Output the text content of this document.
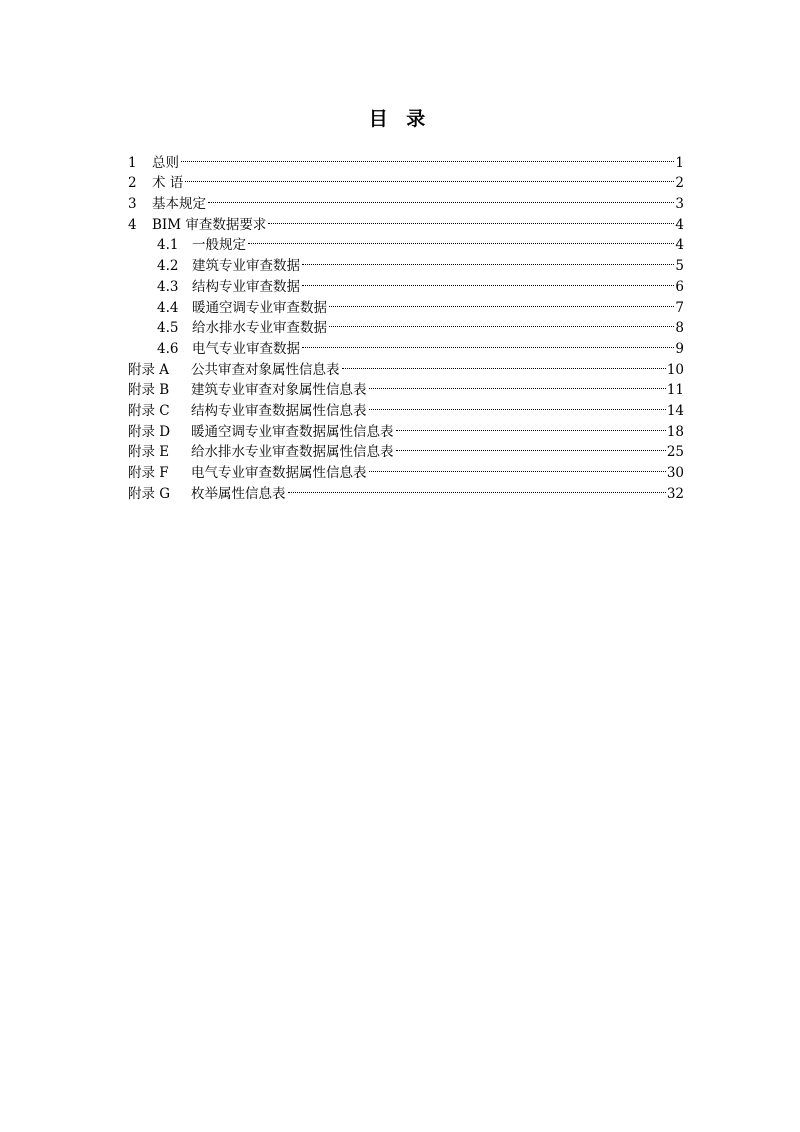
目 录
1	总则	1
2	术 语	2
3	基本规定	3
4	BIM 审查数据要求	4
4.1	一般规定	4
4.2	建筑专业审查数据	5
4.3	结构专业审查数据	6
4.4	暖通空调专业审查数据	7
4.5	给水排水专业审查数据	8
4.6	电气专业审查数据	9
附录 A	公共审查对象属性信息表	10
附录 B	建筑专业审查对象属性信息表	11
附录 C	结构专业审查数据属性信息表	14
附录 D	暖通空调专业审查数据属性信息表	18
附录 E	给水排水专业审查数据属性信息表	25
附录 F	电气专业审查数据属性信息表	30
附录 G	枚举属性信息表	32
